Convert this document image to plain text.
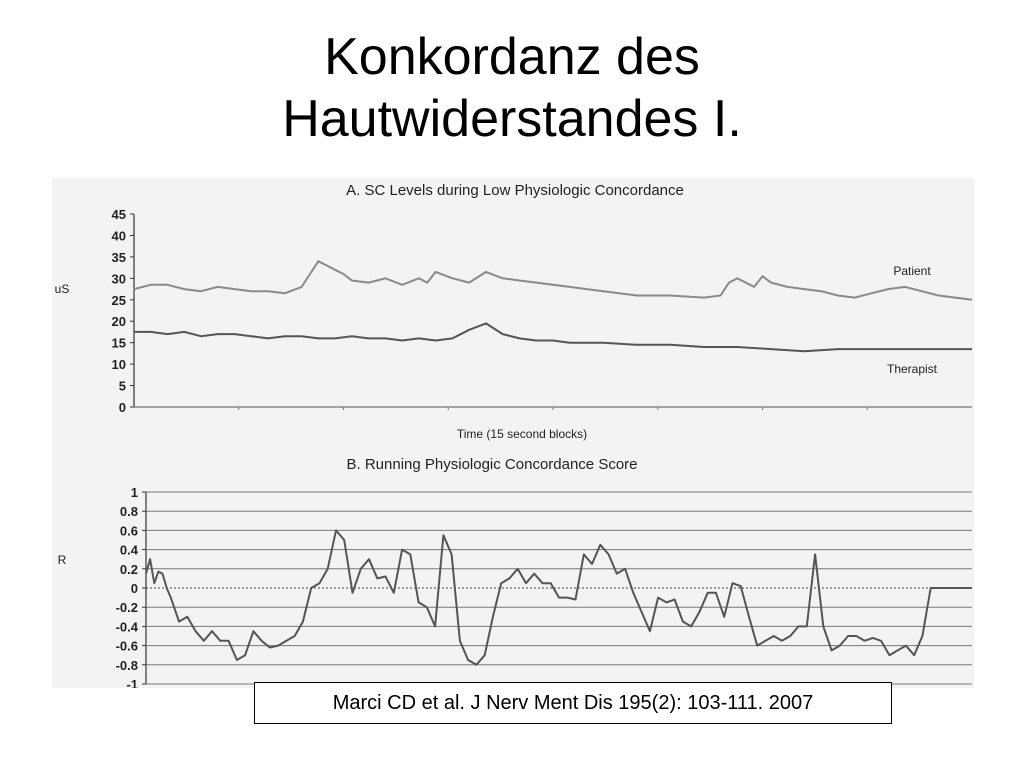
Konkordanz des
Hautwiderstandes I.
A. SC Levels during Low Physiologic Concordance
uS
Time (15 second blocks)
0
5
10
15
20
25
30
35
40
45
Patient
Therapist
B. Running Physiologic Concordance Score
R
-1
-0.8
-0.6
-0.4
-0.2
0
0.2
0.4
0.6
0.8
1
Marci CD et al. J Nerv Ment Dis 195(2): 103-111. 2007
